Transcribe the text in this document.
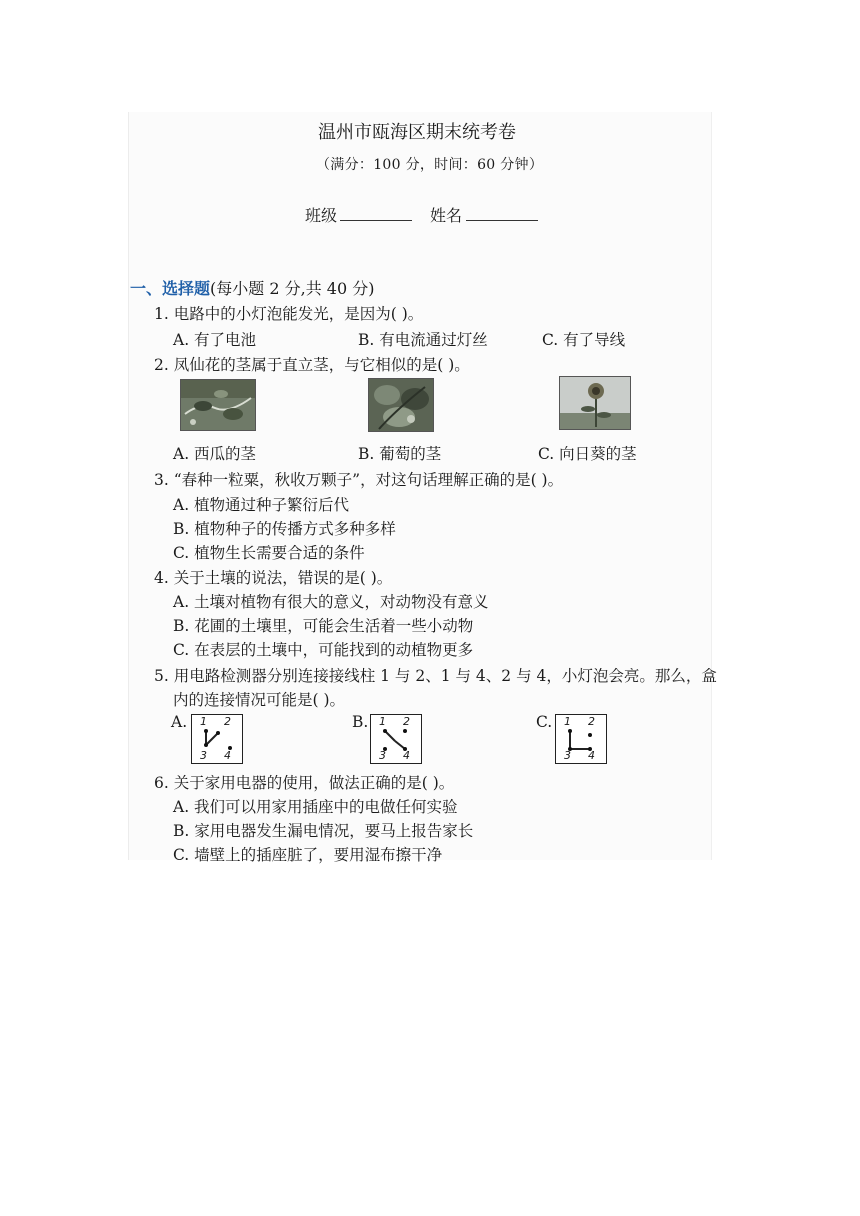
温州市瓯海区期末统考卷
（满分：100 分，时间：60 分钟）
班级	姓名
一、选择题(每小题 2 分,共 40 分)
1. 电路中的小灯泡能发光，是因为( )。
A. 有了电池	B. 有电流通过灯丝	C. 有了导线
2. 凤仙花的茎属于直立茎，与它相似的是( )。
A. 西瓜的茎	B. 葡萄的茎	C. 向日葵的茎
3. “春种一粒粟，秋收万颗子”，对这句话理解正确的是( )。
A. 植物通过种子繁衍后代
B. 植物种子的传播方式多种多样
C. 植物生长需要合适的条件
4. 关于土壤的说法，错误的是( )。
A. 土壤对植物有很大的意义，对动物没有意义
B. 花圃的土壤里，可能会生活着一些小动物
C. 在表层的土壤中，可能找到的动植物更多
5. 用电路检测器分别连接接线柱 1 与 2、1 与 4、2 与 4，小灯泡会亮。那么，盒
内的连接情况可能是( )。
A. 1 2
3 4
B. 1 2
3 4
C. 1 2
3 4
6. 关于家用电器的使用，做法正确的是( )。
A. 我们可以用家用插座中的电做任何实验
B. 家用电器发生漏电情况，要马上报告家长
C. 墙壁上的插座脏了，要用湿布擦干净
